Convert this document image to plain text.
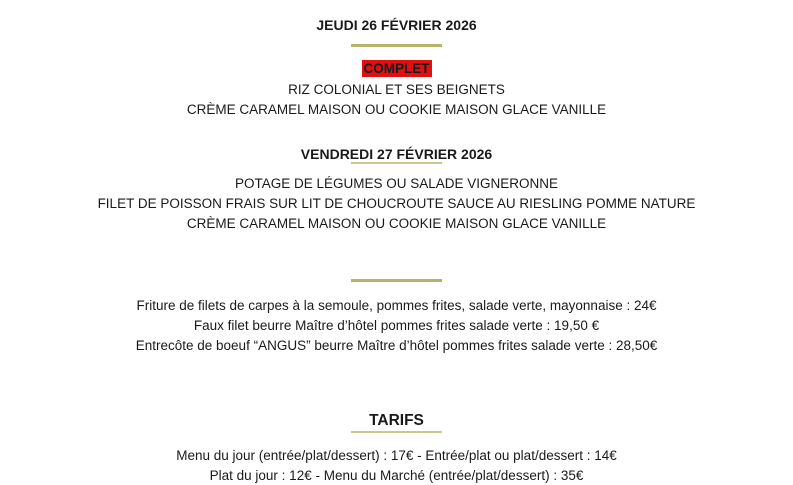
JEUDI 26 FÉVRIER 2026
COMPLET
RIZ COLONIAL ET SES BEIGNETS
CRÈME CARAMEL MAISON OU COOKIE MAISON GLACE VANILLE
VENDREDI 27 FÉVRIER 2026
POTAGE DE LÉGUMES OU SALADE VIGNERONNE
FILET DE POISSON FRAIS SUR LIT DE CHOUCROUTE SAUCE AU RIESLING POMME NATURE
CRÈME CARAMEL MAISON OU COOKIE MAISON GLACE VANILLE
Friture de filets de carpes à la semoule, pommes frites, salade verte, mayonnaise : 24€
Faux filet beurre Maître d’hôtel pommes frites salade verte : 19,50 €
Entrecôte de boeuf “ANGUS” beurre Maître d’hôtel pommes frites salade verte : 28,50€
TARIFS
Menu du jour (entrée/plat/dessert) : 17€ - Entrée/plat ou plat/dessert : 14€
Plat du jour : 12€ - Menu du Marché (entrée/plat/dessert) : 35€
